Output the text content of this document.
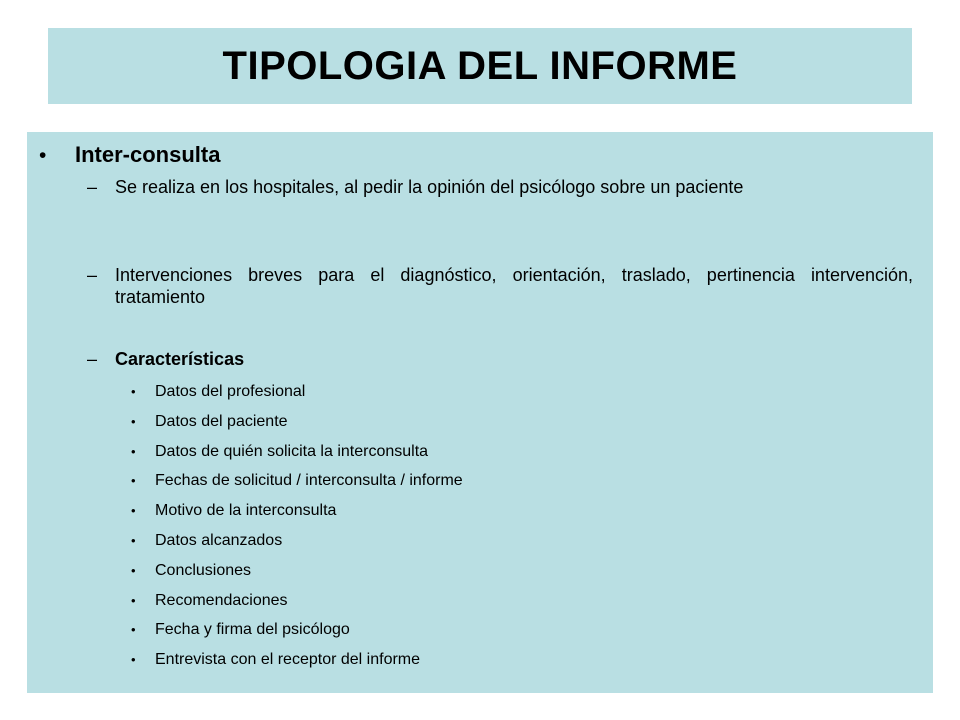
TIPOLOGIA DEL INFORME
•	Inter-consulta
– Se realiza en los hospitales, al pedir la opinión del psicólogo sobre un paciente
– Intervenciones breves para el diagnóstico, orientación, traslado, pertinencia intervención, tratamiento
– Características
•	Datos del profesional
•	Datos del paciente
•	Datos de quién solicita la interconsulta
•	Fechas de solicitud / interconsulta / informe
•	Motivo de la interconsulta
•	Datos alcanzados
•	Conclusiones
•	Recomendaciones
•	Fecha y firma del psicólogo
•	Entrevista con el receptor del informe
